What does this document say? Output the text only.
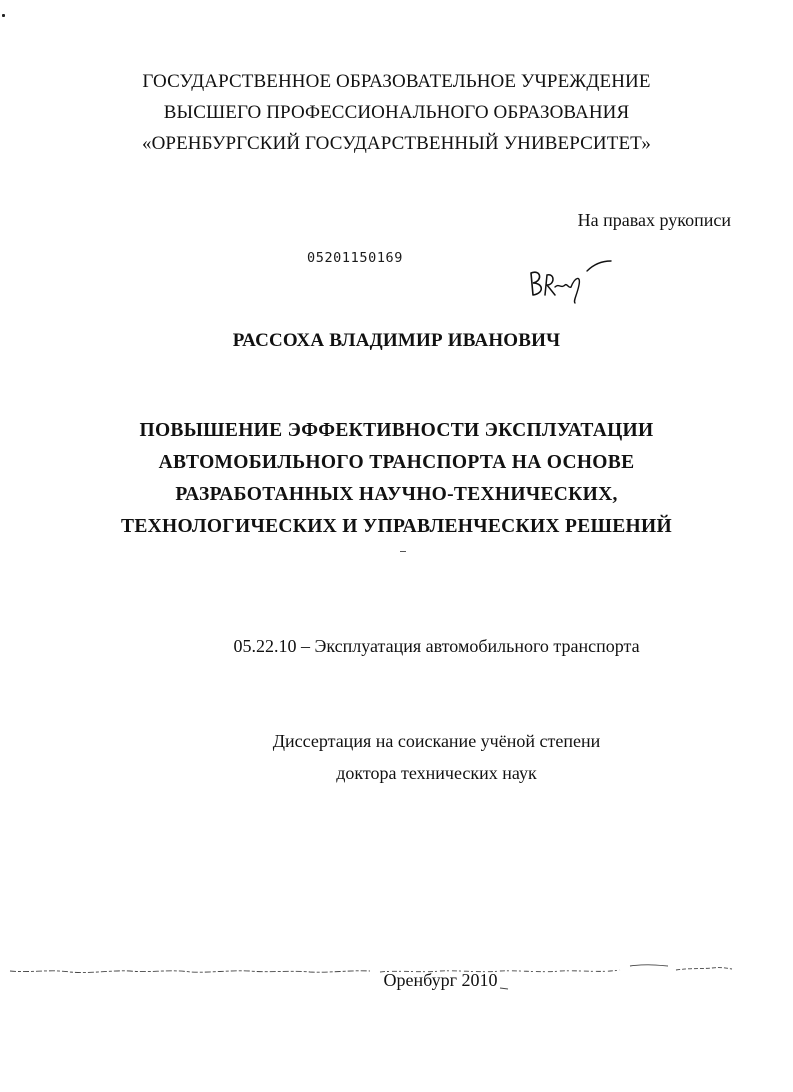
ГОСУДАРСТВЕННОЕ ОБРАЗОВАТЕЛЬНОЕ УЧРЕЖДЕНИЕ
ВЫСШЕГО ПРОФЕССИОНАЛЬНОГО ОБРАЗОВАНИЯ
«ОРЕНБУРГСКИЙ ГОСУДАРСТВЕННЫЙ УНИВЕРСИТЕТ»
На правах рукописи
05201150169
РАССОХА ВЛАДИМИР ИВАНОВИЧ
ПОВЫШЕНИЕ ЭФФЕКТИВНОСТИ ЭКСПЛУАТАЦИИ
АВТОМОБИЛЬНОГО ТРАНСПОРТА НА ОСНОВЕ
РАЗРАБОТАННЫХ НАУЧНО-ТЕХНИЧЕСКИХ,
ТЕХНОЛОГИЧЕСКИХ И УПРАВЛЕНЧЕСКИХ РЕШЕНИЙ
05.22.10 – Эксплуатация автомобильного транспорта
Диссертация на соискание учёной степени
доктора технических наук
Оренбург 2010
